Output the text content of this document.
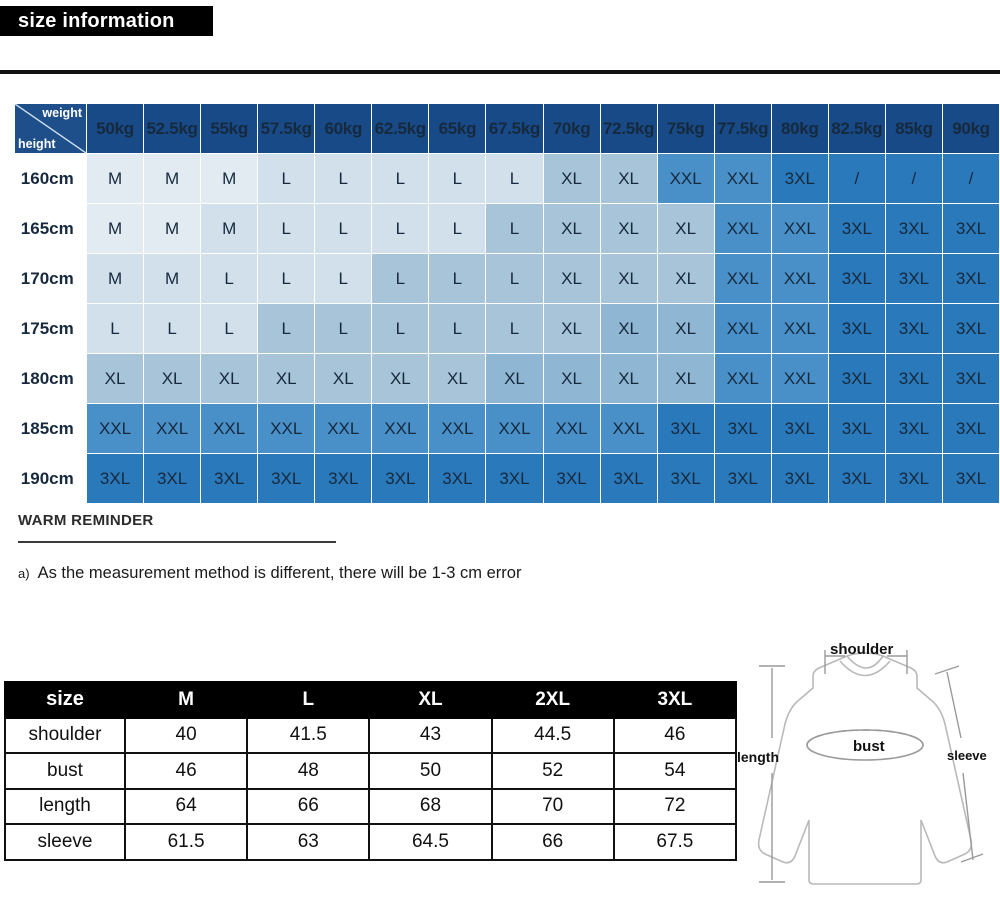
size information
weight
height	50kg	52.5kg	55kg	57.5kg	60kg	62.5kg	65kg	67.5kg	70kg	72.5kg	75kg	77.5kg	80kg	82.5kg	85kg	90kg
160cm	M	M	M	L	L	L	L	L	XL	XL	XXL	XXL	3XL	/	/	/
165cm	M	M	M	L	L	L	L	L	XL	XL	XL	XXL	XXL	3XL	3XL	3XL
170cm	M	M	L	L	L	L	L	L	XL	XL	XL	XXL	XXL	3XL	3XL	3XL
175cm	L	L	L	L	L	L	L	L	XL	XL	XL	XXL	XXL	3XL	3XL	3XL
180cm	XL	XL	XL	XL	XL	XL	XL	XL	XL	XL	XL	XXL	XXL	3XL	3XL	3XL
185cm	XXL	XXL	XXL	XXL	XXL	XXL	XXL	XXL	XXL	XXL	3XL	3XL	3XL	3XL	3XL	3XL
190cm	3XL	3XL	3XL	3XL	3XL	3XL	3XL	3XL	3XL	3XL	3XL	3XL	3XL	3XL	3XL	3XL
WARM REMINDER
a) As the measurement method is different, there will be 1-3 cm error
size	M	L	XL	2XL	3XL
shoulder	40	41.5	43	44.5	46
bust	46	48	50	52	54
length	64	66	68	70	72
sleeve	61.5	63	64.5	66	67.5
shoulder
bust
length	sleeve
